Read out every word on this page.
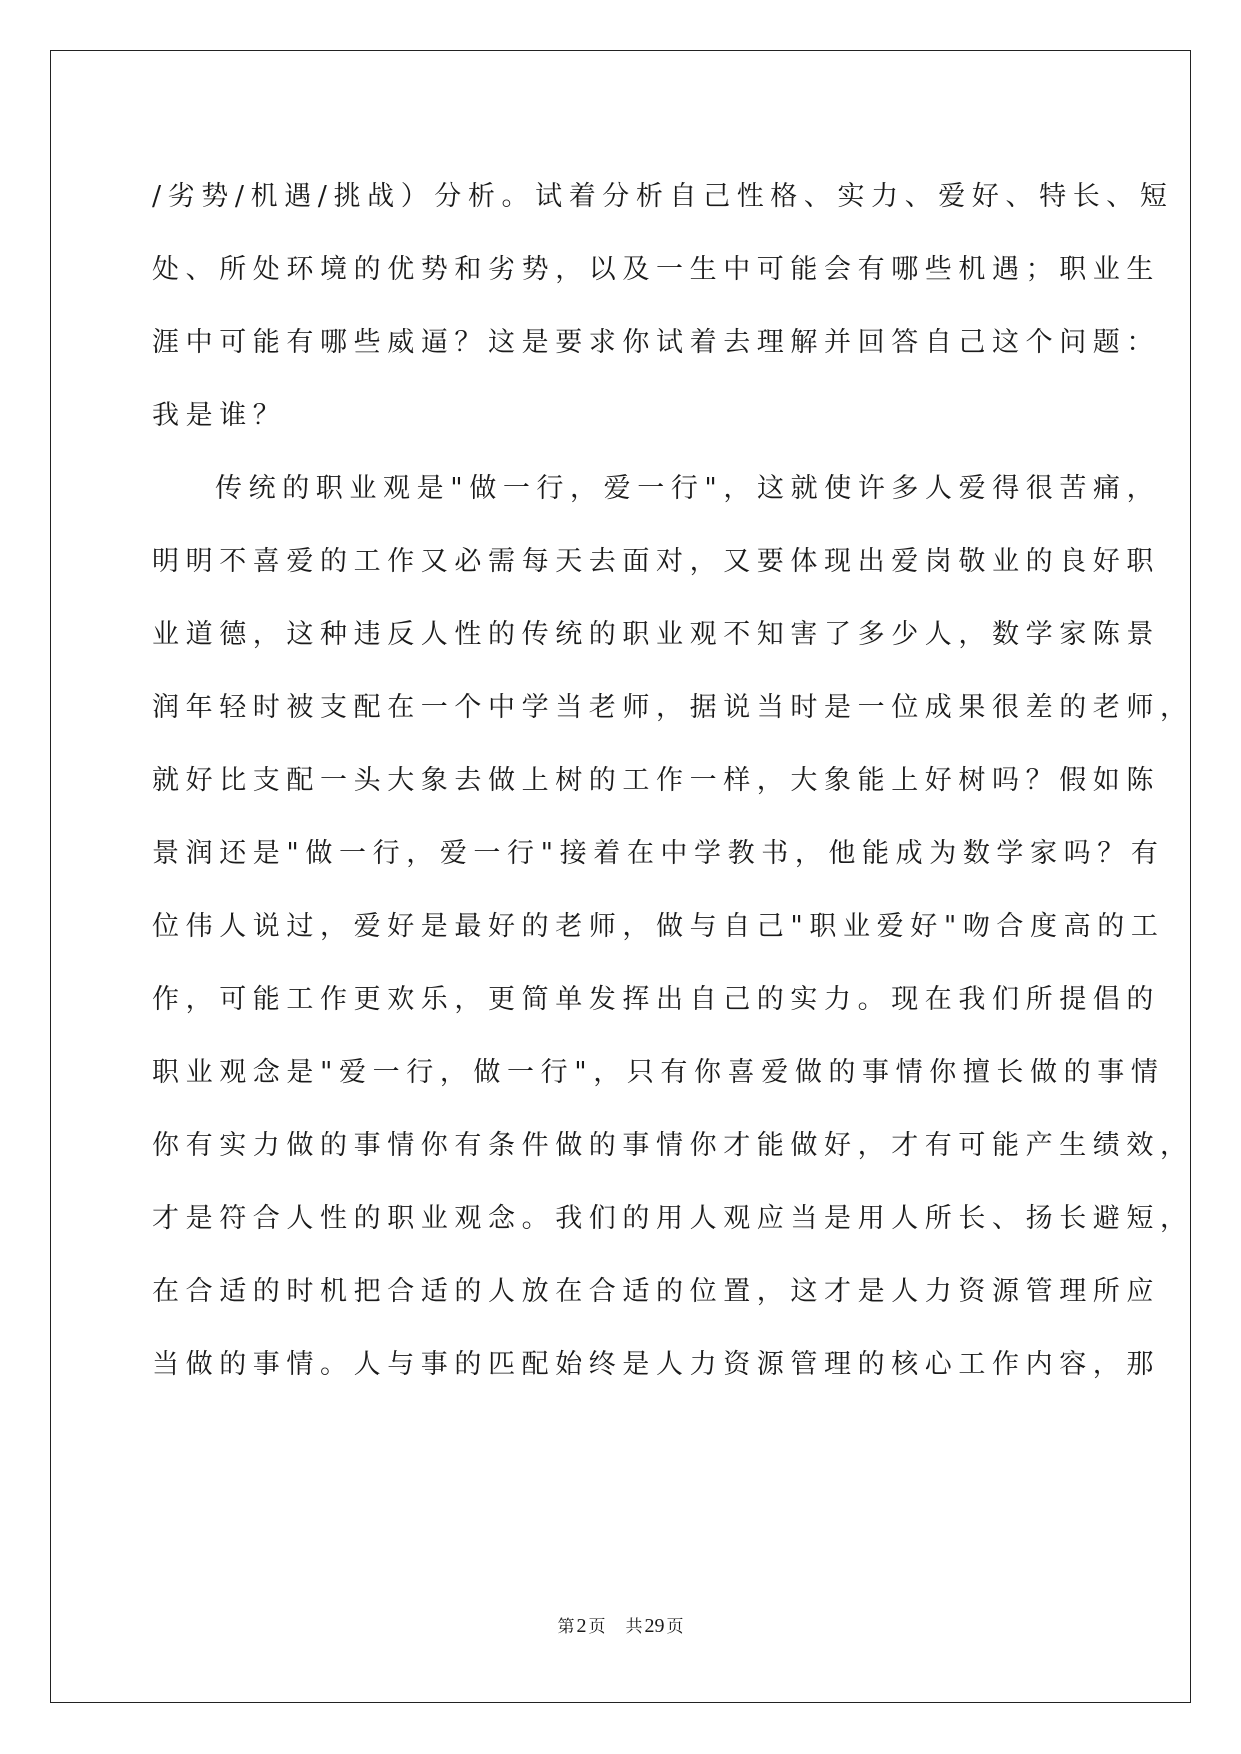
/劣势/机遇/挑战）分析。试着分析自己性格、实力、爱好、特长、短
处、所处环境的优势和劣势，以及一生中可能会有哪些机遇；职业生
涯中可能有哪些威逼？这是要求你试着去理解并回答自己这个问题：
我是谁？
传统的职业观是"做一行，爱一行"，这就使许多人爱得很苦痛，
明明不喜爱的工作又必需每天去面对，又要体现出爱岗敬业的良好职
业道德，这种违反人性的传统的职业观不知害了多少人，数学家陈景
润年轻时被支配在一个中学当老师，据说当时是一位成果很差的老师，
就好比支配一头大象去做上树的工作一样，大象能上好树吗？假如陈
景润还是"做一行，爱一行"接着在中学教书，他能成为数学家吗？有
位伟人说过，爱好是最好的老师，做与自己"职业爱好"吻合度高的工
作，可能工作更欢乐，更简单发挥出自己的实力。现在我们所提倡的
职业观念是"爱一行，做一行"，只有你喜爱做的事情你擅长做的事情
你有实力做的事情你有条件做的事情你才能做好，才有可能产生绩效，
才是符合人性的职业观念。我们的用人观应当是用人所长、扬长避短，
在合适的时机把合适的人放在合适的位置，这才是人力资源管理所应
当做的事情。人与事的匹配始终是人力资源管理的核心工作内容，那
第 2 页 共 29 页
